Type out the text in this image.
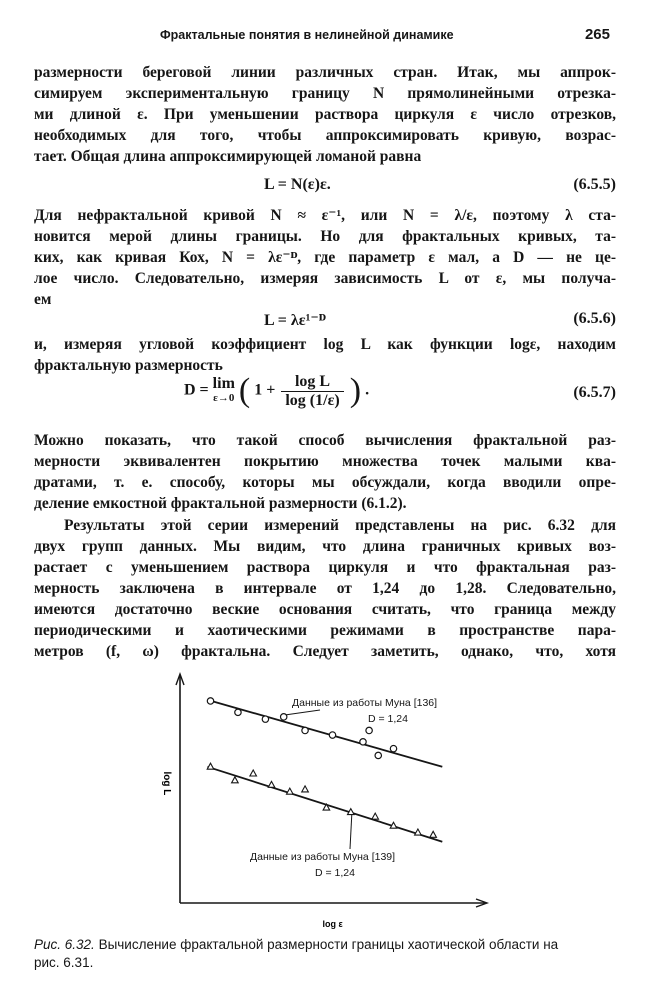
Фрактальные понятия в нелинейной динамике	265
размерности береговой линии различных стран. Итак, мы аппрок-
симируем экспериментальную границу N прямолинейными отрезка-
ми длиной ε. При уменьшении раствора циркуля ε число отрезков,
необходимых для того, чтобы аппроксимировать кривую, возрас-
тает. Общая длина аппроксимирующей ломаной равна
L = N(ε)ε.	(6.5.5)
Для нефрактальной кривой N ≈ ε⁻¹, или N = λ/ε, поэтому λ ста-
новится мерой длины границы. Но для фрактальных кривых, та-
ких, как кривая Кох, N = λε⁻ᴰ, где параметр ε мал, а D — не це-
лое число. Следовательно, измеряя зависимость L от ε, мы получа-
ем
L = λε¹⁻ᴰ	(6.5.6)
и, измеряя угловой коэффициент log L как функции logε, находим
фрактальную размерность
D = lim
ε→0 ( $1 + \frac{\text{log L}}{\log (1/\varepsilon)}$ ) .	(6.5.7)
Можно показать, что такой способ вычисления фрактальной раз-
мерности эквивалентен покрытию множества точек малыми ква-
дратами, т. е. способу, которы мы обсуждали, когда вводили опре-
деление емкостной фрактальной размерности (6.1.2).
Результаты этой серии измерений представлены на рис. 6.32 для
двух групп данных. Мы видим, что длина граничных кривых воз-
растает с уменьшением раствора циркуля и что фрактальная раз-
мерность заключена в интервале от 1,24 до 1,28. Следовательно,
имеются достаточно веские основания считать, что граница между
периодическими и хаотическими режимами в пространстве пара-
метров (f, ω) фрактальна. Следует заметить, однако, что, хотя
Данные из работы Муна [136]
D = 1,24
Данные из работы Муна [139]
D = 1,24
log L
log ε
Рис. 6.32. Вычисление фрактальной размерности границы хаотической области на
рис. 6.31.
